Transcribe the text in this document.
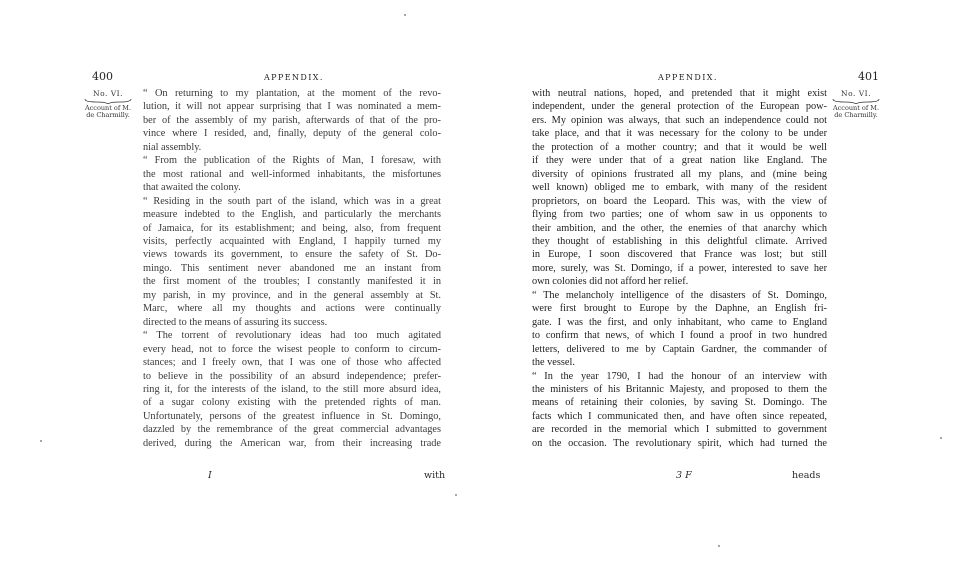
400	APPENDIX.
No. VI.
Account of M. de Charmilly.
“ On returning to my plantation, at the moment of the revo-
lution, it will not appear surprising that I was nominated a mem-
ber of the assembly of my parish, afterwards of that of the pro-
vince where I resided, and, finally, deputy of the general colo-
nial assembly.
“ From the publication of the Rights of Man, I foresaw, with
the most rational and well-informed inhabitants, the misfortunes
that awaited the colony.
“ Residing in the south part of the island, which was in a great
measure indebted to the English, and particularly the merchants
of Jamaica, for its establishment; and being, also, from frequent
visits, perfectly acquainted with England, I happily turned my
views towards its government, to ensure the safety of St. Do-
mingo. This sentiment never abandoned me an instant from
the first moment of the troubles; I constantly manifested it in
my parish, in my province, and in the general assembly at St.
Marc, where all my thoughts and actions were continually
directed to the means of assuring its success.
“ The torrent of revolutionary ideas had too much agitated
every head, not to force the wisest people to conform to circum-
stances; and I freely own, that I was one of those who affected
to believe in the possibility of an absurd independence; prefer-
ring it, for the interests of the island, to the still more absurd idea,
of a sugar colony existing with the pretended rights of man.
Unfortunately, persons of the greatest influence in St. Domingo,
dazzled by the remembrance of the great commercial advantages
derived, during the American war, from their increasing trade
I	with
APPENDIX.	401
No. VI.
Account of M. de Charmilly.
with neutral nations, hoped, and pretended that it might exist
independent, under the general protection of the European pow-
ers. My opinion was always, that such an independence could not
take place, and that it was necessary for the colony to be under
the protection of a mother country; and that it would be well
if they were under that of a great nation like England. The
diversity of opinions frustrated all my plans, and (mine being
well known) obliged me to embark, with many of the resident
proprietors, on board the Leopard. This was, with the view of
flying from two parties; one of whom saw in us opponents to
their ambition, and the other, the enemies of that anarchy which
they thought of establishing in this delightful climate. Arrived
in Europe, I soon discovered that France was lost; but still
more, surely, was St. Domingo, if a power, interested to save her
own colonies did not afford her relief.
“ The melancholy intelligence of the disasters of St. Domingo,
were first brought to Europe by the Daphne, an English fri-
gate. I was the first, and only inhabitant, who came to England
to confirm that news, of which I found a proof in two hundred
letters, delivered to me by Captain Gardner, the commander of
the vessel.
“ In the year 1790, I had the honour of an interview with
the ministers of his Britannic Majesty, and proposed to them the
means of retaining their colonies, by saving St. Domingo. The
facts which I communicated then, and have often since repeated,
are recorded in the memorial which I submitted to government
on the occasion. The revolutionary spirit, which had turned the
3 F	heads
